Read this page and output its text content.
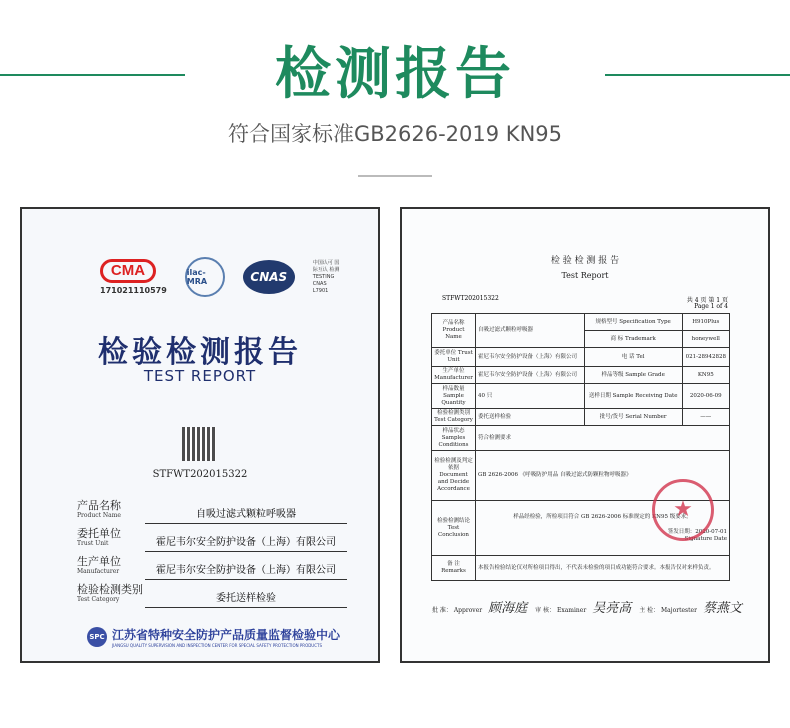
检测报告
符合国家标准GB2626-2019 KN95
CMA
171021110579
ilac-MRA	CNAS
中国认可 国际互认 检测 TESTING CNAS L7901
检验检测报告
TEST REPORT
STFWT202015322
产品名称
Product Name	自吸过滤式颗粒呼吸器
委托单位
Trust Unit	霍尼韦尔安全防护设备（上海）有限公司
生产单位
Manufacturer	霍尼韦尔安全防护设备（上海）有限公司
检验检测类别
Test Category	委托送样检验
SPC 江苏省特种安全防护产品质量监督检验中心
JIANGSU QUALITY SUPERVISION AND INSPECTION CENTER FOR SPECIAL SAFETY PROTECTION PRODUCTS
检 验 检 测 报 告
Test Report
STFWT202015322	共 4 页 第 1 页
Page 1 of 4
产品名称 Product Name	自吸过滤式颗粒呼吸器	规格型号 Specification Type	H910Plus
		商 标 Trademark	honeywell
委托单位 Trust Unit	霍尼韦尔安全防护设备（上海）有限公司	电 话 Tel	021-28942828
生产单位 Manufacturer	霍尼韦尔安全防护设备（上海）有限公司	样品等级 Sample Grade	KN95
样品数量 Sample Quantity	40 只	送样日期 Sample Receiving Date	2020-06-09
检验检测类别 Test Category	委托送样检验	批号/货号 Serial Number	——
样品状态 Samples Conditions	符合检测要求		
检验检测及判定依据 Document and Decide Accordance	GB 2626-2006 《呼吸防护用品 自吸过滤式防颗粒物呼吸器》		
检验检测结论 Test Conclusion	样品经检验，所检项目符合 GB 2626-2006 标准规定的 KN95 级要求。
签发日期：2020-07-01
Signature Date		

备 注 Remarks	本报告检验结论仅对所检项目得出，不代表未检验的项目成功能符合要求。本报告仅对来样负责。		
★
批 准： Approver 顾海庭 审 核： Examiner 吴亮高 主 检： Majortester 蔡燕文
